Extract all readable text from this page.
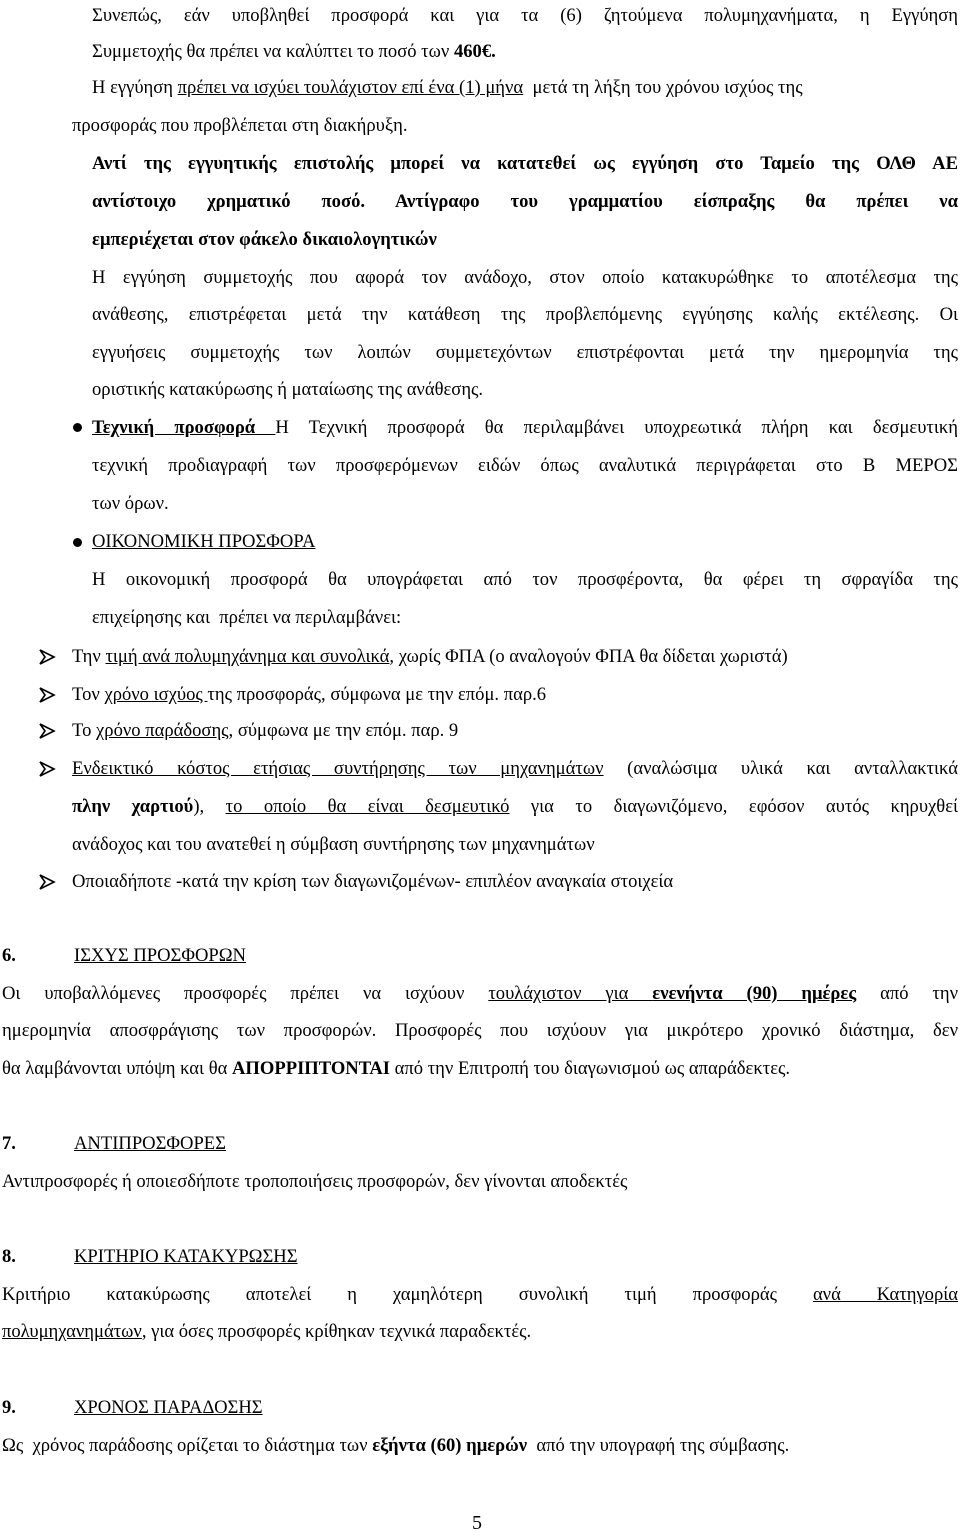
Συνεπώς, εάν υποβληθεί προσφορά και για τα (6) ζητούμενα πολυμηχανήματα, η Εγγύηση
Συμμετοχής θα πρέπει να καλύπτει το ποσό των 460€.
Η εγγύηση πρέπει να ισχύει τουλάχιστον επί ένα (1) μήνα  μετά τη λήξη του χρόνου ισχύος της
προσφοράς που προβλέπεται στη διακήρυξη.
Αντί της εγγυητικής επιστολής μπορεί να κατατεθεί ως εγγύηση στο Ταμείο της ΟΛΘ ΑΕ
αντίστοιχο χρηματικό ποσό. Αντίγραφο του γραμματίου είσπραξης θα πρέπει να
εμπεριέχεται στον φάκελο δικαιολογητικών
Η εγγύηση συμμετοχής που αφορά τον ανάδοχο, στον οποίο κατακυρώθηκε το αποτέλεσμα της
ανάθεσης, επιστρέφεται μετά την κατάθεση της προβλεπόμενης εγγύησης καλής εκτέλεσης. Οι
εγγυήσεις συμμετοχής των λοιπών συμμετεχόντων επιστρέφονται μετά την ημερομηνία της
οριστικής κατακύρωσης ή ματαίωσης της ανάθεσης.
Τεχνική προσφορά Η Τεχνική προσφορά θα περιλαμβάνει υποχρεωτικά πλήρη και δεσμευτική
τεχνική προδιαγραφή των προσφερόμενων ειδών όπως αναλυτικά περιγράφεται στο Β ΜΕΡΟΣ
των όρων.
ΟΙΚΟΝΟΜΙΚΗ ΠΡΟΣΦΟΡΑ
Η οικονομική προσφορά θα υπογράφεται από τον προσφέροντα, θα φέρει τη σφραγίδα της
επιχείρησης και  πρέπει να περιλαμβάνει:
Την τιμή ανά πολυμηχάνημα και συνολικά, χωρίς ΦΠΑ (ο αναλογούν ΦΠΑ θα δίδεται χωριστά)
Τον χρόνο ισχύος της προσφοράς, σύμφωνα με την επόμ. παρ.6
Το χρόνο παράδοσης, σύμφωνα με την επόμ. παρ. 9
Ενδεικτικό κόστος ετήσιας συντήρησης των μηχανημάτων (αναλώσιμα υλικά και ανταλλακτικά
πλην χαρτιού), το οποίο θα είναι δεσμευτικό για το διαγωνιζόμενο, εφόσον αυτός κηρυχθεί
ανάδοχος και του ανατεθεί η σύμβαση συντήρησης των μηχανημάτων
Οποιαδήποτε -κατά την κρίση των διαγωνιζομένων- επιπλέον αναγκαία στοιχεία
6.	ΙΣΧΥΣ ΠΡΟΣΦΟΡΩΝ
Οι υποβαλλόμενες προσφορές πρέπει να ισχύουν τουλάχιστον για ενενήντα (90) ημέρες από την
ημερομηνία αποσφράγισης των προσφορών. Προσφορές που ισχύουν για μικρότερο χρονικό διάστημα, δεν
θα λαμβάνονται υπόψη και θα ΑΠΟΡΡΙΠΤΟΝΤΑΙ από την Επιτροπή του διαγωνισμού ως απαράδεκτες.
7.	ΑΝΤΙΠΡΟΣΦΟΡΕΣ
Αντιπροσφορές ή οποιεσδήποτε τροποποιήσεις προσφορών, δεν γίνονται αποδεκτές
8.	ΚΡΙΤΗΡΙΟ ΚΑΤΑΚΥΡΩΣΗΣ
Κριτήριο κατακύρωσης αποτελεί η χαμηλότερη συνολική τιμή προσφοράς ανά Κατηγορία
πολυμηχανημάτων, για όσες προσφορές κρίθηκαν τεχνικά παραδεκτές.
9.	ΧΡΟΝΟΣ ΠΑΡΑΔΟΣΗΣ
Ως  χρόνος παράδοσης ορίζεται το διάστημα των εξήντα (60) ημερών  από την υπογραφή της σύμβασης.
5
